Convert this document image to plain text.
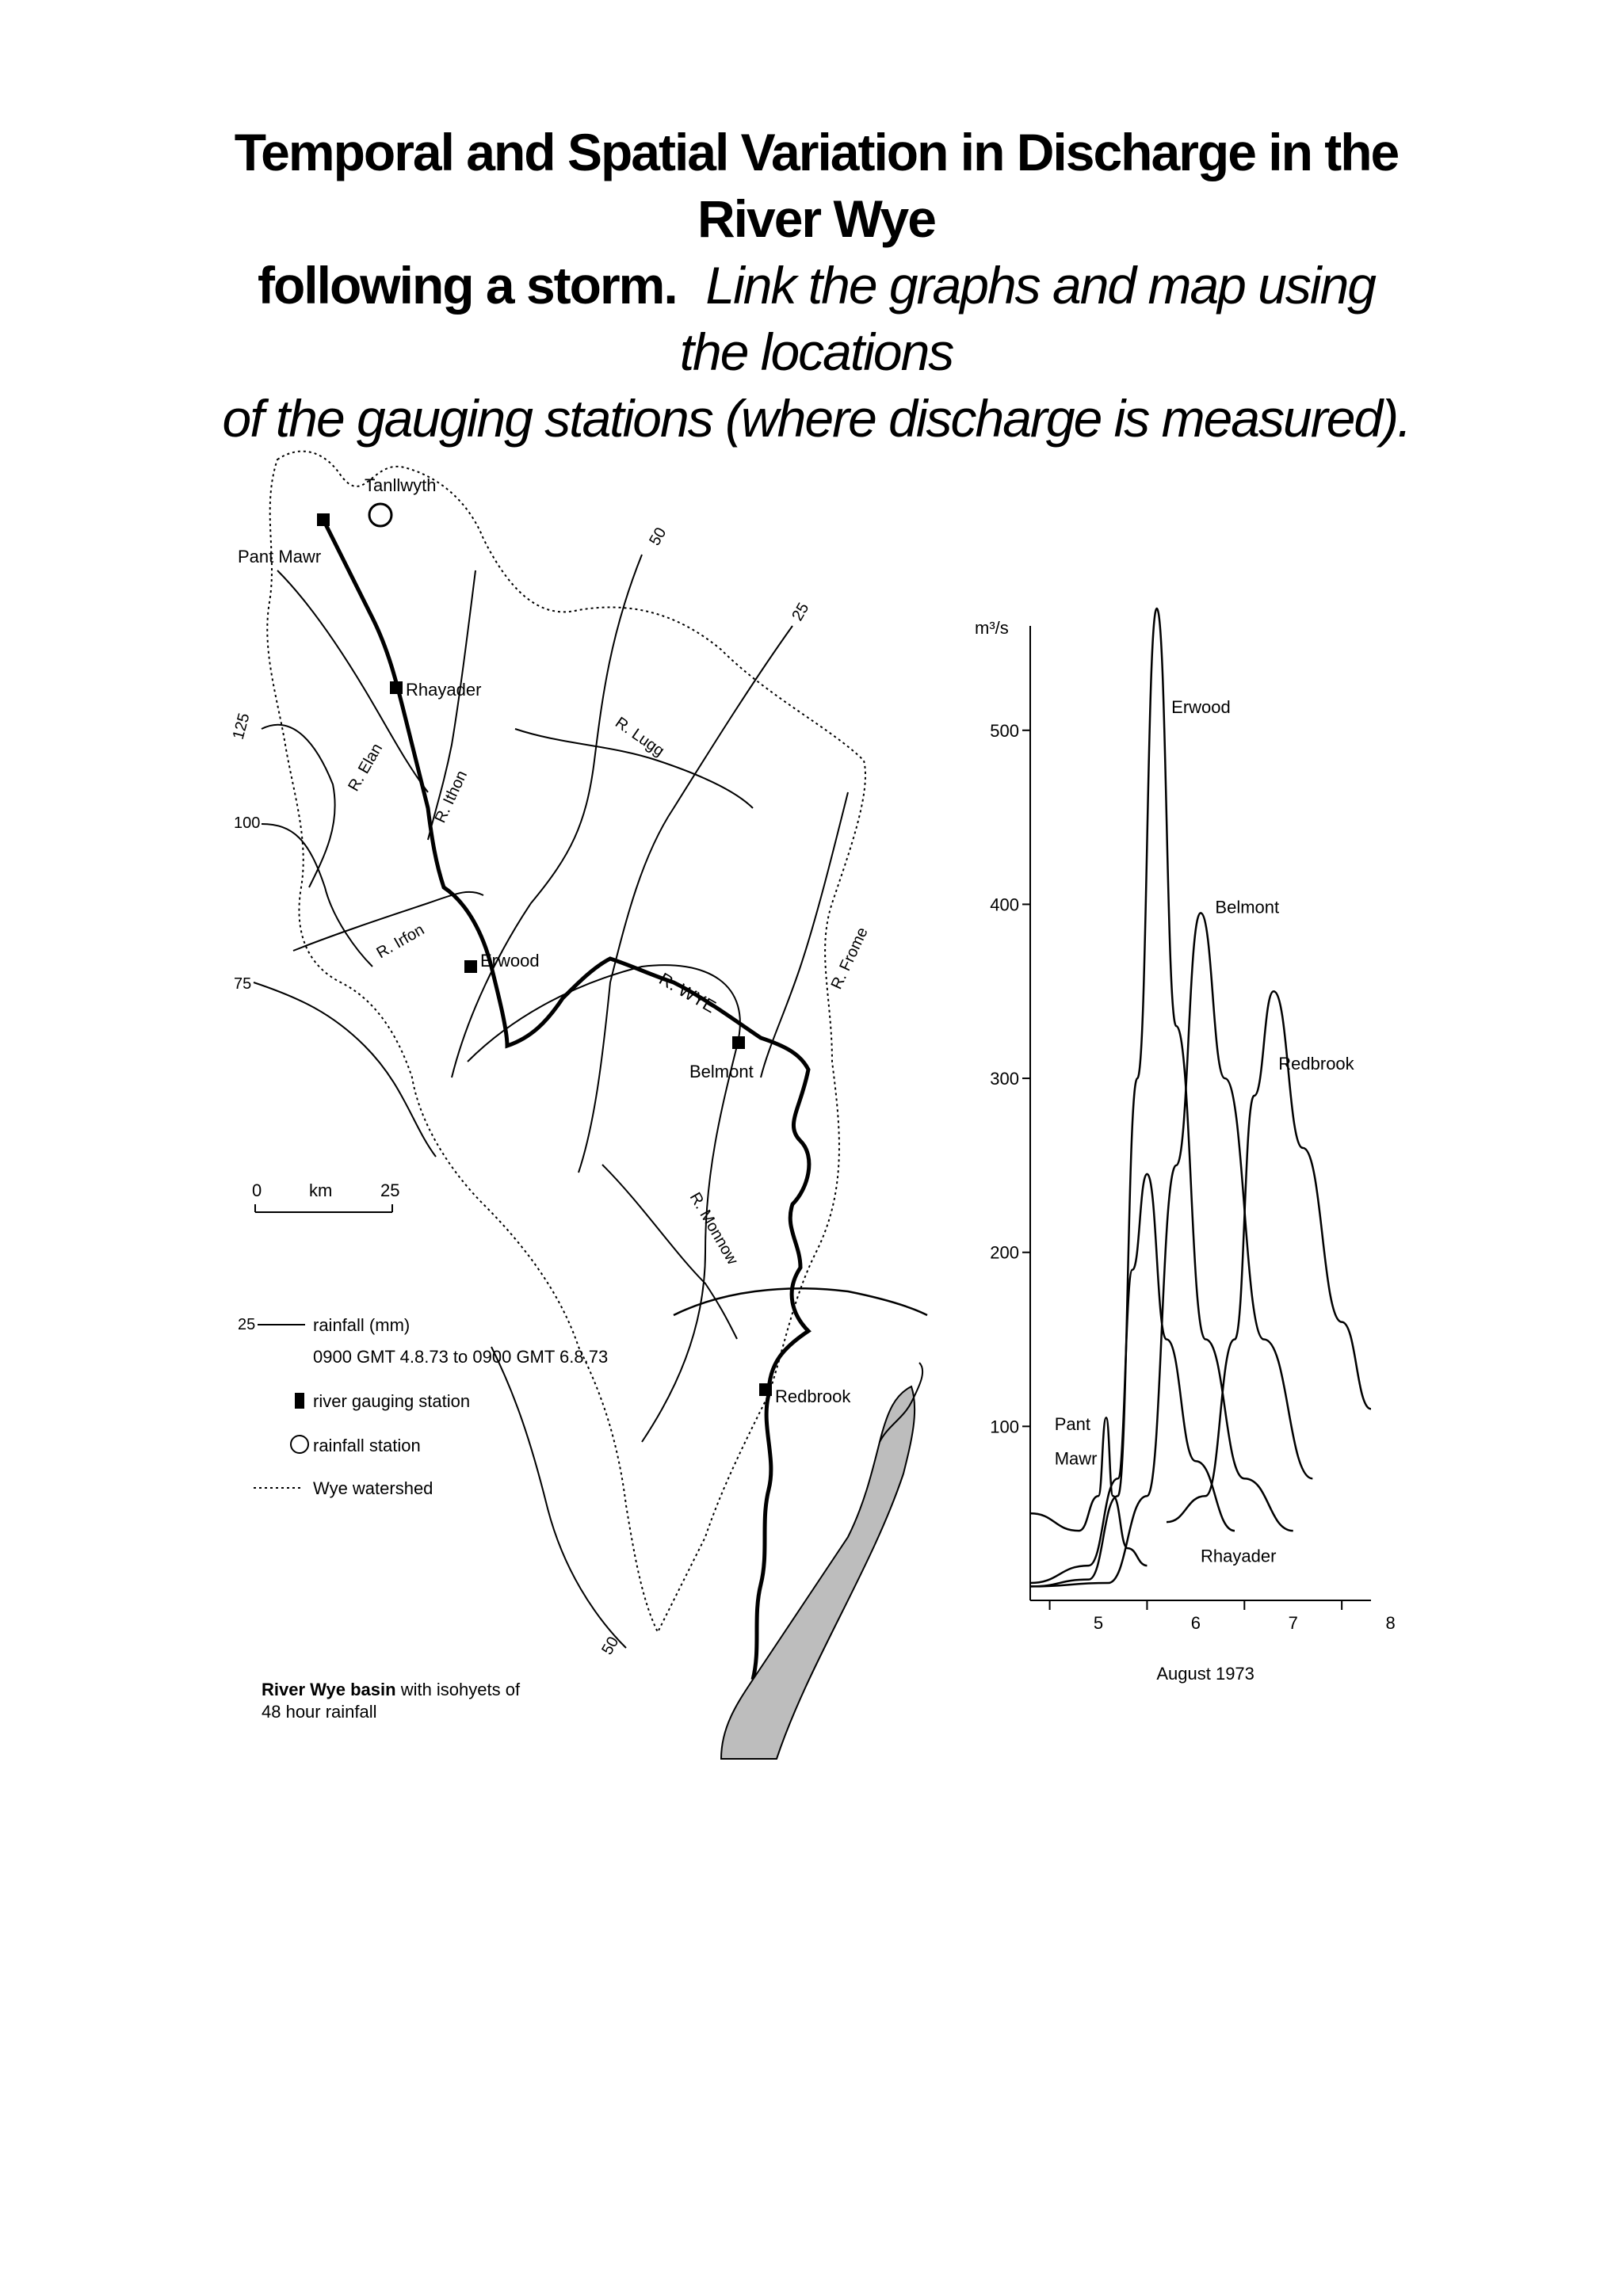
Temporal and Spatial Variation in Discharge in the River Wye
following a storm. Link the graphs and map using the locations
of the gauging stations (where discharge is measured).
Tanllwyth
Pant Mawr
Rhayader
Erwood
Belmont
Redbrook
R. Elan
R. Ithon
R. Irfon
R. Lugg
R. Frome
R. WYE
R. Monnow
125
100
75
50
25
50
0	km	25
25	rainfall (mm)
0900 GMT 4.8.73 to 0900 GMT 6.8.73
river gauging station
rainfall station
Wye watershed
River Wye basin with isohyets of
48 hour rainfall
m³/s
100
200
300
400
500
5	6	7	8
August 1973
Erwood
Belmont
Redbrook
Rhayader
Pant
Mawr
